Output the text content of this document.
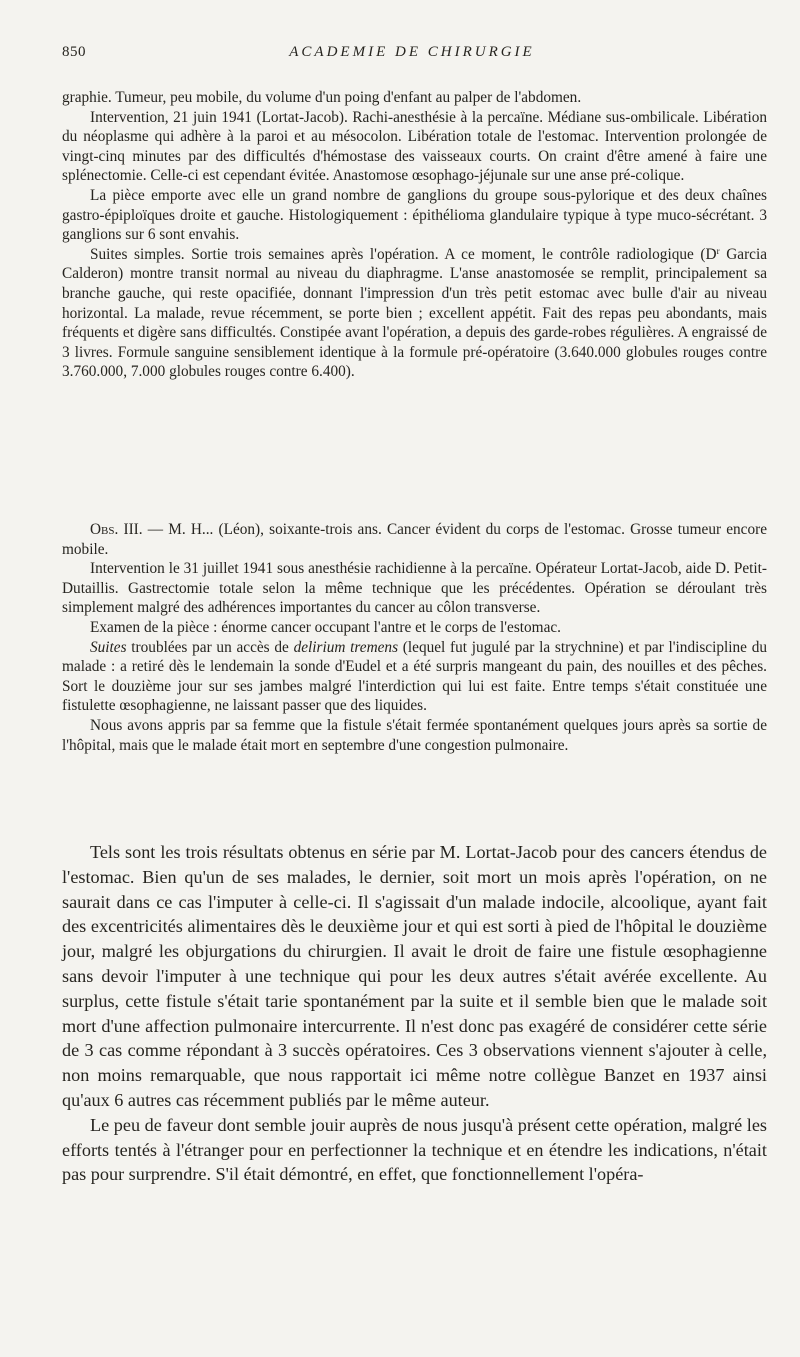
850	ACADEMIE DE CHIRURGIE

graphie. Tumeur, peu mobile, du volume d'un poing d'enfant au palper de l'abdomen.

Intervention, 21 juin 1941 (Lortat-Jacob). Rachi-anesthésie à la percaïne. Médiane sus-ombilicale. Libération du néoplasme qui adhère à la paroi et au mésocolon. Libération totale de l'estomac. Intervention prolongée de vingt-cinq minutes par des difficultés d'hémostase des vaisseaux courts. On craint d'être amené à faire une splénectomie. Celle-ci est cependant évitée. Anastomose œsophago-jéjunale sur une anse pré-colique.

La pièce emporte avec elle un grand nombre de ganglions du groupe sous-pylorique et des deux chaînes gastro-épiploïques droite et gauche. Histologiquement : épithélioma glandulaire typique à type muco-sécrétant. 3 ganglions sur 6 sont envahis.

Suites simples. Sortie trois semaines après l'opération. A ce moment, le contrôle radiologique ($D^r$ Garcia Calderon) montre transit normal au niveau du diaphragme. L'anse anastomosée se remplit, principalement sa branche gauche, qui reste opacifiée, donnant l'impression d'un très petit estomac avec bulle d'air au niveau horizontal. La malade, revue récemment, se porte bien ; excellent appétit. Fait des repas peu abondants, mais fréquents et digère sans difficultés. Constipée avant l'opération, a depuis des garde-robes régulières. A engraissé de 3 livres. Formule sanguine sensiblement identique à la formule pré-opératoire (3.640.000 globules rouges contre 3.760.000, 7.000 globules rouges contre 6.400).

Obs. III. — M. H... (Léon), soixante-trois ans. Cancer évident du corps de l'estomac. Grosse tumeur encore mobile.

Intervention le 31 juillet 1941 sous anesthésie rachidienne à la percaïne. Opérateur Lortat-Jacob, aide D. Petit-Dutaillis. Gastrectomie totale selon la même technique que les précédentes. Opération se déroulant très simplement malgré des adhérences importantes du cancer au côlon transverse.

Examen de la pièce : énorme cancer occupant l'antre et le corps de l'estomac.

Suites troublées par un accès de delirium tremens (lequel fut jugulé par la strychnine) et par l'indiscipline du malade : a retiré dès le lendemain la sonde d'Eudel et a été surpris mangeant du pain, des nouilles et des pêches. Sort le douzième jour sur ses jambes malgré l'interdiction qui lui est faite. Entre temps s'était constituée une fistulette œsophagienne, ne laissant passer que des liquides.

Nous avons appris par sa femme que la fistule s'était fermée spontanément quelques jours après sa sortie de l'hôpital, mais que le malade était mort en septembre d'une congestion pulmonaire.

Tels sont les trois résultats obtenus en série par M. Lortat-Jacob pour des cancers étendus de l'estomac. Bien qu'un de ses malades, le dernier, soit mort un mois après l'opération, on ne saurait dans ce cas l'imputer à celle-ci. Il s'agissait d'un malade indocile, alcoolique, ayant fait des excentricités alimentaires dès le deuxième jour et qui est sorti à pied de l'hôpital le douzième jour, malgré les objurgations du chirurgien. Il avait le droit de faire une fistule œsophagienne sans devoir l'imputer à une technique qui pour les deux autres s'était avérée excellente. Au surplus, cette fistule s'était tarie spontanément par la suite et il semble bien que le malade soit mort d'une affection pulmonaire intercurrente. Il n'est donc pas exagéré de considérer cette série de 3 cas comme répondant à 3 succès opératoires. Ces 3 observations viennent s'ajouter à celle, non moins remarquable, que nous rapportait ici même notre collègue Banzet en 1937 ainsi qu'aux 6 autres cas récemment publiés par le même auteur.

Le peu de faveur dont semble jouir auprès de nous jusqu'à présent cette opération, malgré les efforts tentés à l'étranger pour en perfectionner la technique et en étendre les indications, n'était pas pour surprendre. S'il était démontré, en effet, que fonctionnellement l'opéra-
